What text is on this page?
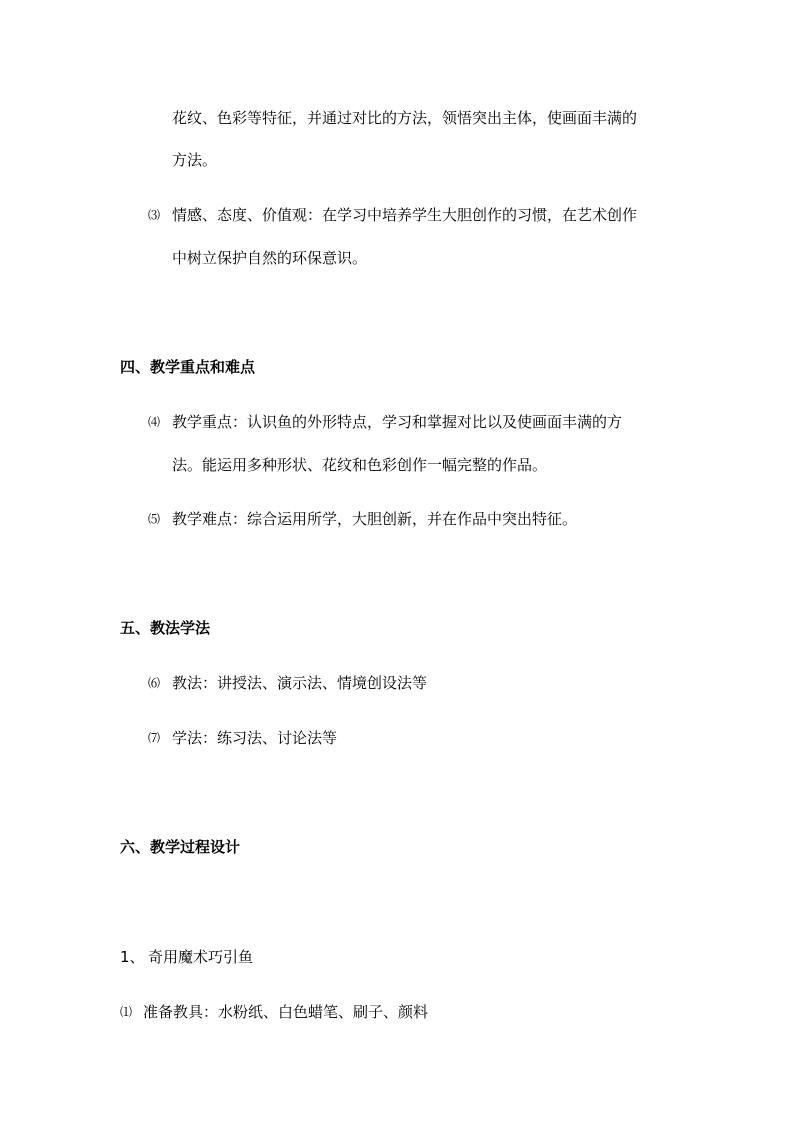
花纹、色彩等特征，并通过对比的方法，领悟突出主体，使画面丰满的
方法。
⑶ 情感、态度、价值观：在学习中培养学生大胆创作的习惯，在艺术创作
中树立保护自然的环保意识。
四、教学重点和难点
⑷ 教学重点：认识鱼的外形特点，学习和掌握对比以及使画面丰满的方
法。能运用多种形状、花纹和色彩创作一幅完整的作品。
⑸ 教学难点：综合运用所学，大胆创新，并在作品中突出特征。
五、教法学法
⑹ 教法：讲授法、演示法、情境创设法等
⑺ 学法：练习法、讨论法等
六、教学过程设计
1、 奇用魔术巧引鱼
⑴ 准备教具：水粉纸、白色蜡笔、刷子、颜料
